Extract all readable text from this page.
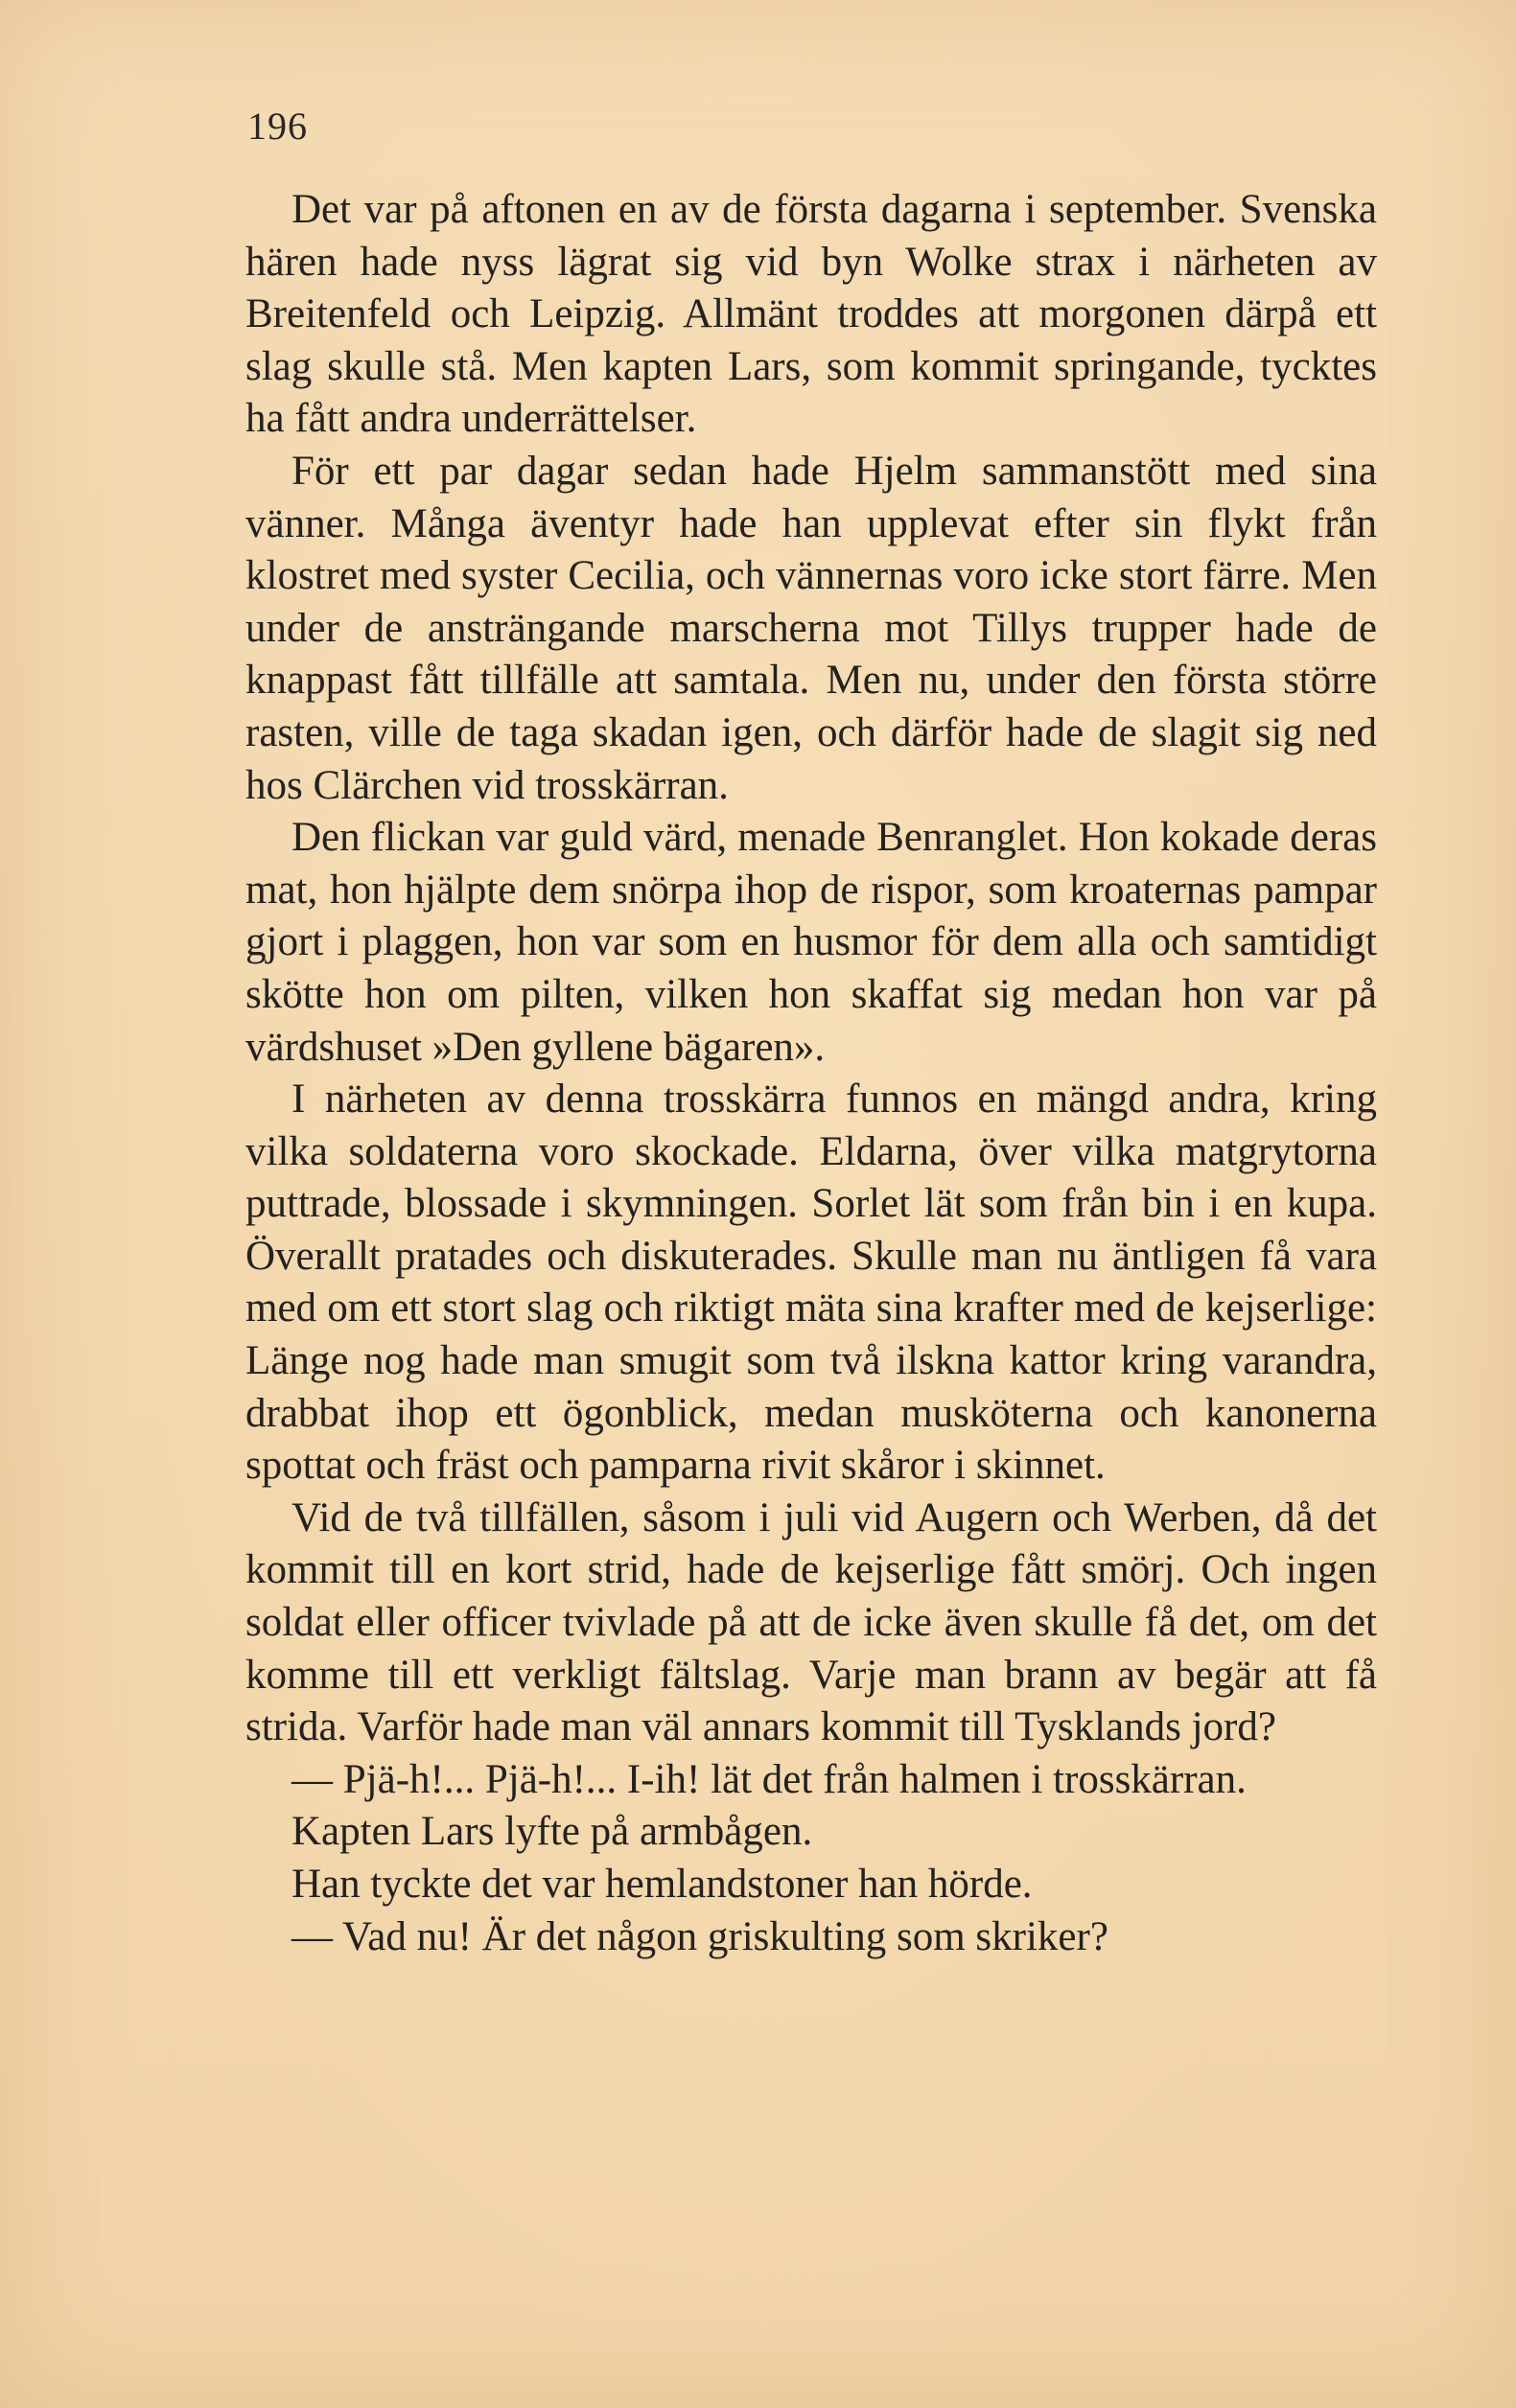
196

Det var på aftonen en av de första dagarna i september. Svenska hären hade nyss lägrat sig vid byn Wolke strax i närheten av Breitenfeld och Leipzig. Allmänt troddes att morgonen därpå ett slag skulle stå. Men kapten Lars, som kommit springande, tycktes ha fått andra underrättelser.

För ett par dagar sedan hade Hjelm sammanstött med sina vänner. Många äventyr hade han upplevat efter sin flykt från klostret med syster Cecilia, och vännernas voro icke stort färre. Men under de ansträngande marscherna mot Tillys trupper hade de knappast fått tillfälle att samtala. Men nu, under den första större rasten, ville de taga skadan igen, och därför hade de slagit sig ned hos Clärchen vid trosskärran.

Den flickan var guld värd, menade Benranglet. Hon kokade deras mat, hon hjälpte dem snörpa ihop de rispor, som kroaternas pampar gjort i plaggen, hon var som en husmor för dem alla och samtidigt skötte hon om pilten, vilken hon skaffat sig medan hon var på värdshuset »Den gyllene bägaren».

I närheten av denna trosskärra funnos en mängd andra, kring vilka soldaterna voro skockade. Eldarna, över vilka matgrytorna puttrade, blossade i skymningen. Sorlet lät som från bin i en kupa. Överallt pratades och diskuterades. Skulle man nu äntligen få vara med om ett stort slag och riktigt mäta sina krafter med de kejserlige: Länge nog hade man smugit som två ilskna kattor kring varandra, drabbat ihop ett ögonblick, medan musköterna och kanonerna spottat och fräst och pamparna rivit skåror i skinnet.

Vid de två tillfällen, såsom i juli vid Augern och Werben, då det kommit till en kort strid, hade de kejserlige fått smörj. Och ingen soldat eller officer tvivlade på att de icke även skulle få det, om det komme till ett verkligt fältslag. Varje man brann av begär att få strida. Varför hade man väl annars kommit till Tysklands jord?

— Pjä-h!... Pjä-h!... I-ih! lät det från halmen i trosskärran.

Kapten Lars lyfte på armbågen.

Han tyckte det var hemlandstoner han hörde.

— Vad nu! Är det någon griskulting som skriker?
